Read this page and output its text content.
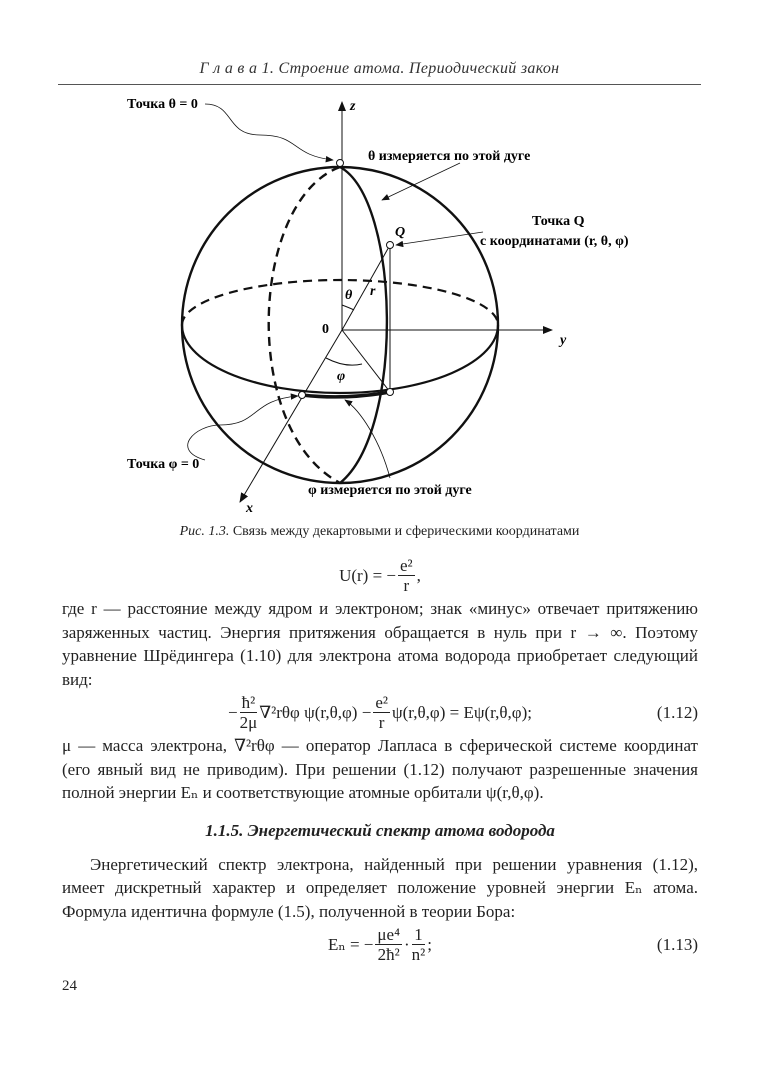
Г л а в а 1. Строение атома. Периодический закон
Точка θ = 0	z
θ измеряется по этой дуге
Точка Q
с координатами (r, θ, φ)
Q
r
θ
0
y
φ
Точка φ = 0
φ измеряется по этой дуге
x
Рис. 1.3. Связь между декартовыми и сферическими координатами
U(r) = − $\frac{\text{e²}}{r}$ ,

где r — расстояние между ядром и электроном; знак «минус» отвечает притяжению заряженных частиц. Энергия притяжения обращается в нуль при r → ∞. Поэтому уравнение Шрёдингера (1.10) для электрона атома водорода приобретает следующий вид:

− $\frac{\text{ħ²}}{2\mu} \nabla^2r\theta\varphi$ $\psi(r,\theta,\varphi) - \frac{\text{e²}}{r} \psi(r,\theta,\varphi) = E\psi(r,\theta,\varphi)$;	(1.12)

μ — масса электрона, ∇²rθφ — оператор Лапласа в сферической системе координат (его явный вид не приводим). При решении (1.12) получают разрешенные значения полной энергии Eₙ и соответствующие атомные орбитали ψ(r,θ,φ).

1.1.5. Энергетический спектр атома водорода

Энергетический спектр электрона, найденный при решении уравнения (1.12), имеет дискретный характер и определяет положение уровней энергии Eₙ атома. Формула идентична формуле (1.5), полученной в теории Бора:

Eₙ = − $\frac{\text{μe⁴}}{\text{2ħ²}} \cdot \frac{1}{\text{n²}}$ ;	(1.13)
24
